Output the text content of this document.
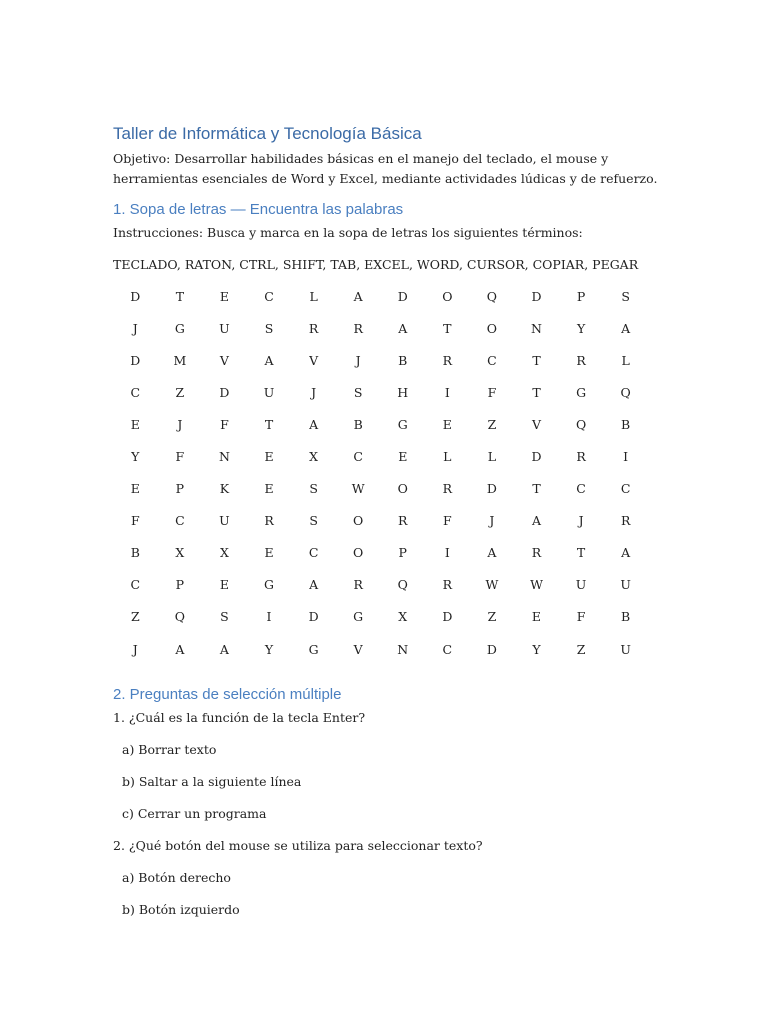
Taller de Informática y Tecnología Básica

Objetivo: Desarrollar habilidades básicas en el manejo del teclado, el mouse y herramientas esenciales de Word y Excel, mediante actividades lúdicas y de refuerzo.

1. Sopa de letras — Encuentra las palabras

Instrucciones: Busca y marca en la sopa de letras los siguientes términos:

TECLADO, RATON, CTRL, SHIFT, TAB, EXCEL, WORD, CURSOR, COPIAR, PEGAR

D	T	E	C	L	A	D	O	Q	D	P	S
J	G	U	S	R	R	A	T	O	N	Y	A
D	M	V	A	V	J	B	R	C	T	R	L
C	Z	D	U	J	S	H	I	F	T	G	Q
E	J	F	T	A	B	G	E	Z	V	Q	B
Y	F	N	E	X	C	E	L	L	D	R	I
E	P	K	E	S	W	O	R	D	T	C	C
F	C	U	R	S	O	R	F	J	A	J	R
B	X	X	E	C	O	P	I	A	R	T	A
C	P	E	G	A	R	Q	R	W	W	U	U
Z	Q	S	I	D	G	X	D	Z	E	F	B
J	A	A	Y	G	V	N	C	D	Y	Z	U
2. Preguntas de selección múltiple

1. ¿Cuál es la función de la tecla Enter?

a) Borrar texto

b) Saltar a la siguiente línea

c) Cerrar un programa

2. ¿Qué botón del mouse se utiliza para seleccionar texto?

a) Botón derecho

b) Botón izquierdo
